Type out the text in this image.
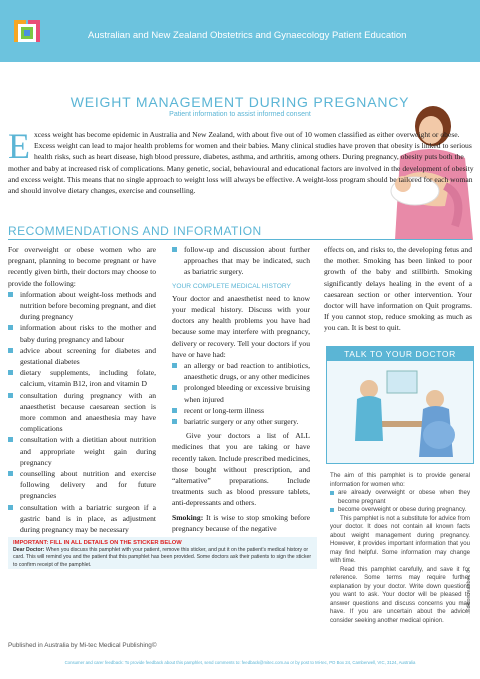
Australian and New Zealand Obstetrics and Gynaecology Patient Education
WEIGHT MANAGEMENT DURING PREGNANCY
Patient information to assist informed consent
E xcess weight has become epidemic in Australia and New Zealand, with about five out of 10 women classified as either overweight or obese. Excess weight can lead to major health problems for women and their babies. Many clinical studies have proven that obesity is linked to serious health risks, such as heart disease, high blood pressure, diabetes, asthma, and arthritis, among others. During pregnancy, obesity puts both the mother and baby at increased risk of complications. Many genetic, social, behavioural and educational factors are involved in the development of obesity and excess weight. This means that no single approach to weight loss will always be effective. A weight-loss program should be tailored for each woman and should involve dietary changes, exercise and counselling.
RECOMMENDATIONS AND INFORMATION

For overweight or obese women who are pregnant, planning to become pregnant or have recently given birth, their doctors may choose to provide the following:

information about weight-loss methods and nutrition before becoming pregnant, and diet during pregnancy

information about risks to the mother and baby during pregnancy and labour

advice about screening for diabetes and gestational diabetes

dietary supplements, including folate, calcium, vitamin B12, iron and vitamin D

consultation during pregnancy with an anaesthetist because caesarean section is more common and anaesthesia may have complications

consultation with a dietitian about nutrition and appropriate weight gain during pregnancy

counselling about nutrition and exercise following delivery and for future pregnancies

consultation with a bariatric surgeon if a gastric band is in place, as adjustment during pregnancy may be necessary

follow-up and discussion about further approaches that may be indicated, such as bariatric surgery.

YOUR COMPLETE MEDICAL HISTORY

Your doctor and anaesthetist need to know your medical history. Discuss with your doctors any health problems you have had because some may interfere with pregnancy, delivery or recovery. Tell your doctors if you have or have had:

an allergy or bad reaction to antibiotics, anaesthetic drugs, or any other medicines

prolonged bleeding or excessive bruising when injured

recent or long-term illness

bariatric surgery or any other surgery.

Give your doctors a list of ALL medicines that you are taking or have recently taken. Include prescribed medicines, those bought without prescription, and “alternative” preparations. Include treatments such as blood pressure tablets, anti-depressants and others.

Smoking: It is wise to stop smoking before pregnancy because of the negative

effects on, and risks to, the developing fetus and the mother. Smoking has been linked to poor growth of the baby and stillbirth. Smoking significantly delays healing in the event of a caesarean section or other intervention. Your doctor will have information on Quit programs. If you cannot stop, reduce smoking as much as you can. It is best to quit.

TALK TO YOUR DOCTOR

The aim of this pamphlet is to provide general information for women who:

are already overweight or obese when they become pregnant

become overweight or obese during pregnancy.

This pamphlet is not a substitute for advice from your doctor. It does not contain all known facts about weight management during pregnancy. However, it provides important information that you may find helpful. Some information may change with time.

Read this pamphlet carefully, and save it for reference. Some terms may require further explanation by your doctor. Write down questions you want to ask. Your doctor will be pleased to answer questions and discuss concerns you may have. If you are uncertain about the advice, consider seeking another medical opinion.

IMPORTANT: FILL IN ALL DETAILS ON THE STICKER BELOW
Dear Doctor: When you discuss this pamphlet with your patient, remove this sticker, and put it on the patient’s medical history or card. This will remind you and the patient that this pamphlet has been provided. Some doctors ask their patients to sign the sticker to confirm receipt of the pamphlet.
Published in Australia by Mi-tec Medical Publishing©
Edition number: 8
Consumer and carer feedback: To provide feedback about this pamphlet, send comments to: feedback@mitec.com.au or by post to Mi-tec, PO Box 24, Camberwell, VIC, 3124, Australia
